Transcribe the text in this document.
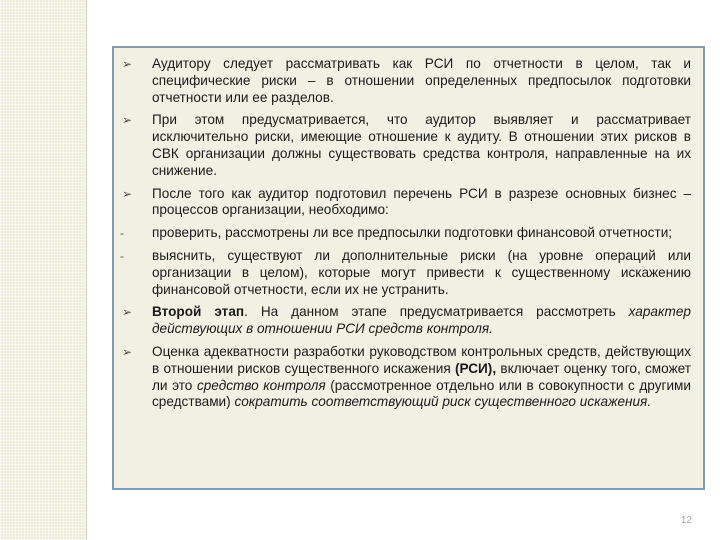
➢	Аудитору следует рассматривать как РСИ по отчетности в целом, так и специфические риски – в отношении определенных предпосылок подготовки отчетности или ее разделов.
➢	При этом предусматривается, что аудитор выявляет и рассматривает исключительно риски, имеющие отношение к аудиту. В отношении этих рисков в СВК организации должны существовать средства контроля, направленные на их снижение.
➢	После того как аудитор подготовил перечень РСИ в разрезе основных бизнес – процессов организации, необходимо:
-	проверить, рассмотрены ли все предпосылки подготовки финансовой отчетности;
-	выяснить, существуют ли дополнительные риски (на уровне операций или организации в целом), которые могут привести к существенному искажению финансовой отчетности, если их не устранить.
➢	Второй этап. На данном этапе предусматривается рассмотреть характер действующих в отношении РСИ средств контроля.
➢	Оценка адекватности разработки руководством контрольных средств, действующих в отношении рисков существенного искажения (РСИ), включает оценку того, сможет ли это средство контроля (рассмотренное отдельно или в совокупности с другими средствами) сократить соответствующий риск существенного искажения.
12
